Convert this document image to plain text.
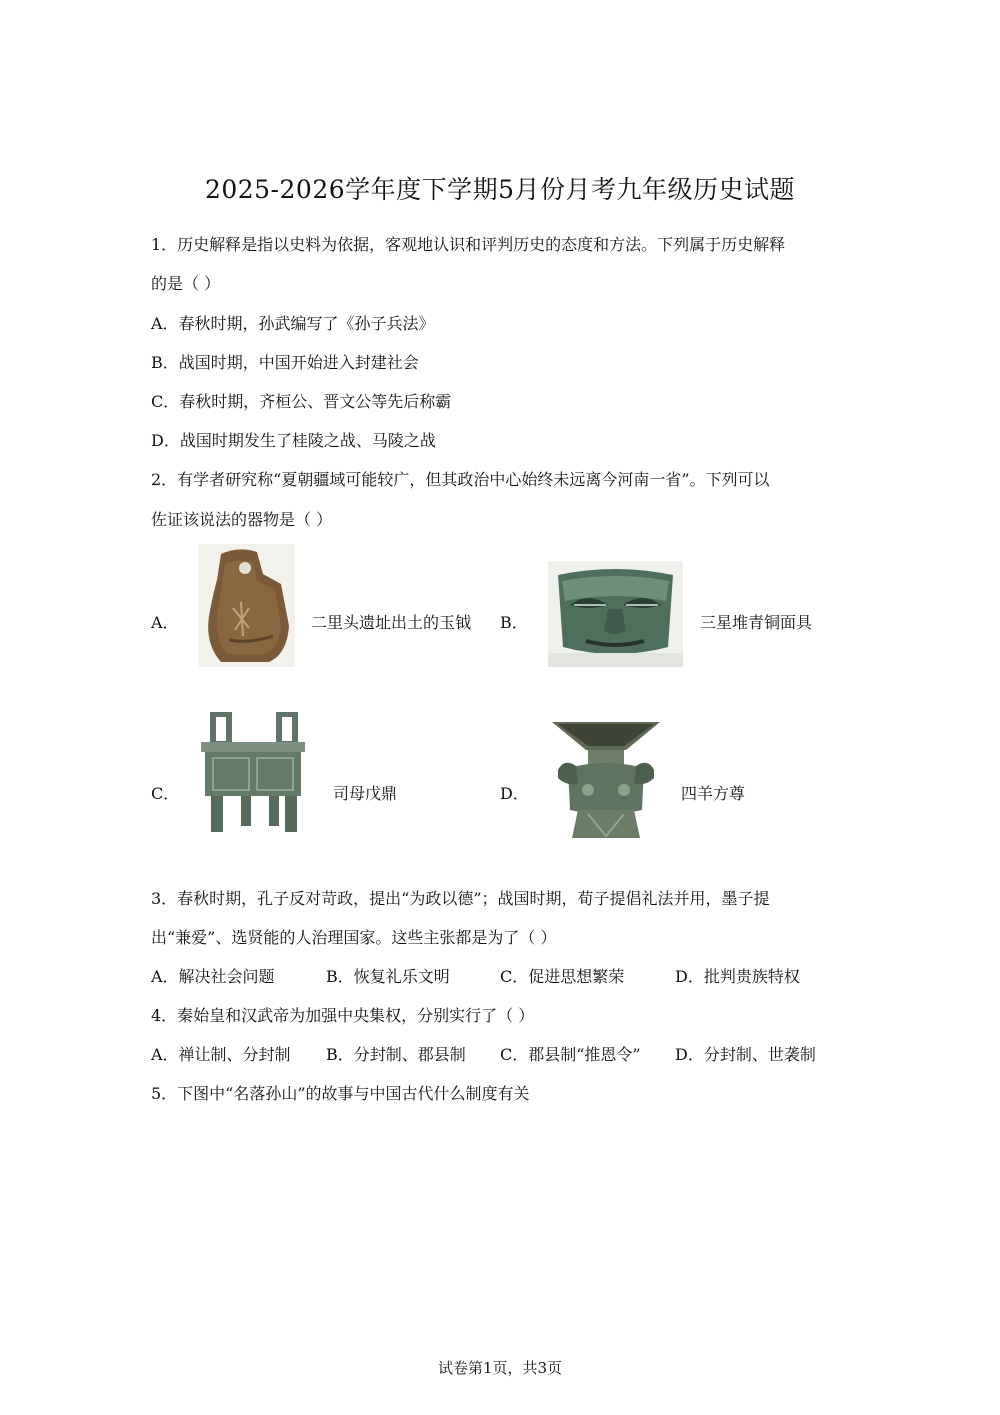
2025-2026学年度下学期5月份月考九年级历史试题
1．历史解释是指以史料为依据，客观地认识和评判历史的态度和方法。下列属于历史解释
的是（ ）
A．春秋时期，孙武编写了《孙子兵法》
B．战国时期，中国开始进入封建社会
C．春秋时期，齐桓公、晋文公等先后称霸
D．战国时期发生了桂陵之战、马陵之战
2．有学者研究称“夏朝疆域可能较广，但其政治中心始终未远离今河南一省”。下列可以
佐证该说法的器物是（ ）
A．	二里头遗址出土的玉钺 B．	三星堆青铜面具
C．	司母戊鼎	D．	四羊方尊
3．春秋时期，孔子反对苛政，提出“为政以德”；战国时期，荀子提倡礼法并用，墨子提
出“兼爱”、选贤能的人治理国家。这些主张都是为了（ ）
A．解决社会问题	B．恢复礼乐文明	C．促进思想繁荣	D．批判贵族特权
4．秦始皇和汉武帝为加强中央集权，分别实行了（ ）
A．禅让制、分封制 B．分封制、郡县制 C．郡县制“推恩令” D．分封制、世袭制
5．下图中“名落孙山”的故事与中国古代什么制度有关
试卷第1页，共3页
